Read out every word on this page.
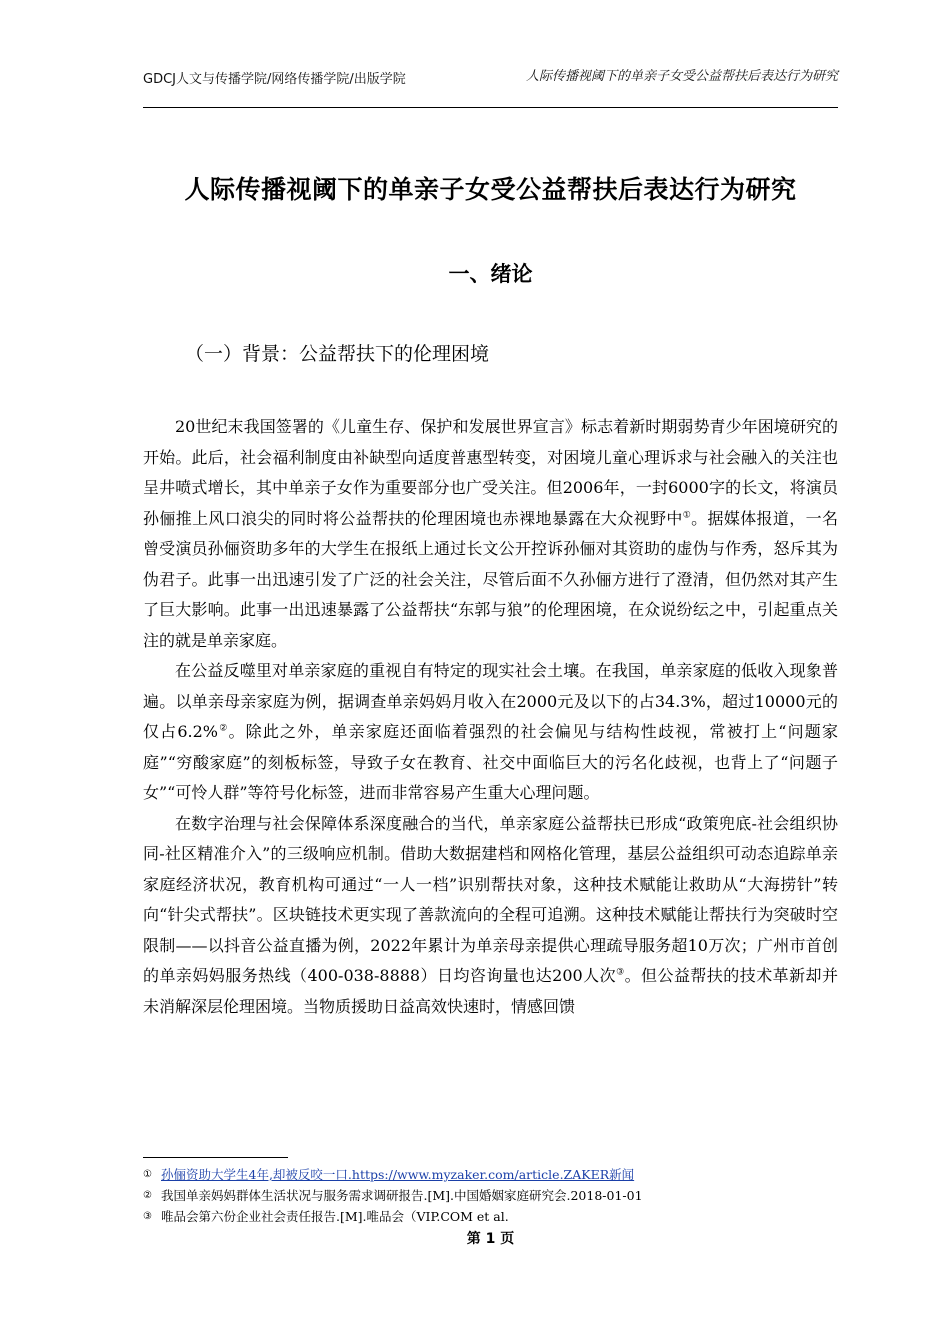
GDCJ人文与传播学院/网络传播学院/出版学院	人际传播视阈下的单亲子女受公益帮扶后表达行为研究
人际传播视阈下的单亲子女受公益帮扶后表达行为研究
一、绪论
（一）背景：公益帮扶下的伦理困境

20世纪末我国签署的《儿童生存、保护和发展世界宣言》标志着新时期弱势青少年困境研究的开始。此后，社会福利制度由补缺型向适度普惠型转变，对困境儿童心理诉求与社会融入的关注也呈井喷式增长，其中单亲子女作为重要部分也广受关注。但2006年，一封6000字的长文，将演员孙俪推上风口浪尖的同时将公益帮扶的伦理困境也赤裸地暴露在大众视野中①。据媒体报道，一名曾受演员孙俪资助多年的大学生在报纸上通过长文公开控诉孙俪对其资助的虚伪与作秀，怒斥其为伪君子。此事一出迅速引发了广泛的社会关注，尽管后面不久孙俪方进行了澄清，但仍然对其产生了巨大影响。此事一出迅速暴露了公益帮扶“东郭与狼”的伦理困境，在众说纷纭之中，引起重点关注的就是单亲家庭。

在公益反噬里对单亲家庭的重视自有特定的现实社会土壤。在我国，单亲家庭的低收入现象普遍。以单亲母亲家庭为例，据调查单亲妈妈月收入在2000元及以下的占34.3%，超过10000元的仅占6.2%②。除此之外，单亲家庭还面临着强烈的社会偏见与结构性歧视，常被打上“问题家庭”“穷酸家庭”的刻板标签，导致子女在教育、社交中面临巨大的污名化歧视，也背上了“问题子女”“可怜人群”等符号化标签，进而非常容易产生重大心理问题。

在数字治理与社会保障体系深度融合的当代，单亲家庭公益帮扶已形成“政策兜底-社会组织协同-社区精准介入”的三级响应机制。借助大数据建档和网格化管理，基层公益组织可动态追踪单亲家庭经济状况，教育机构可通过“一人一档”识别帮扶对象，这种技术赋能让救助从“大海捞针”转向“针尖式帮扶”。区块链技术更实现了善款流向的全程可追溯。这种技术赋能让帮扶行为突破时空限制——以抖音公益直播为例，2022年累计为单亲母亲提供心理疏导服务超10万次；广州市首创的单亲妈妈服务热线（400-038-8888）日均咨询量也达200人次③。但公益帮扶的技术革新却并未消解深层伦理困境。当物质援助日益高效快速时，情感回馈

① 孙俪资助大学生4年,却被反咬一口.https://www.myzaker.com/article.ZAKER新闻
② 我国单亲妈妈群体生活状况与服务需求调研报告.[M].中国婚姻家庭研究会.2018-01-01
③ 唯品会第六份企业社会责任报告.[M].唯品会（VIP.COM et al.
第 1 页
